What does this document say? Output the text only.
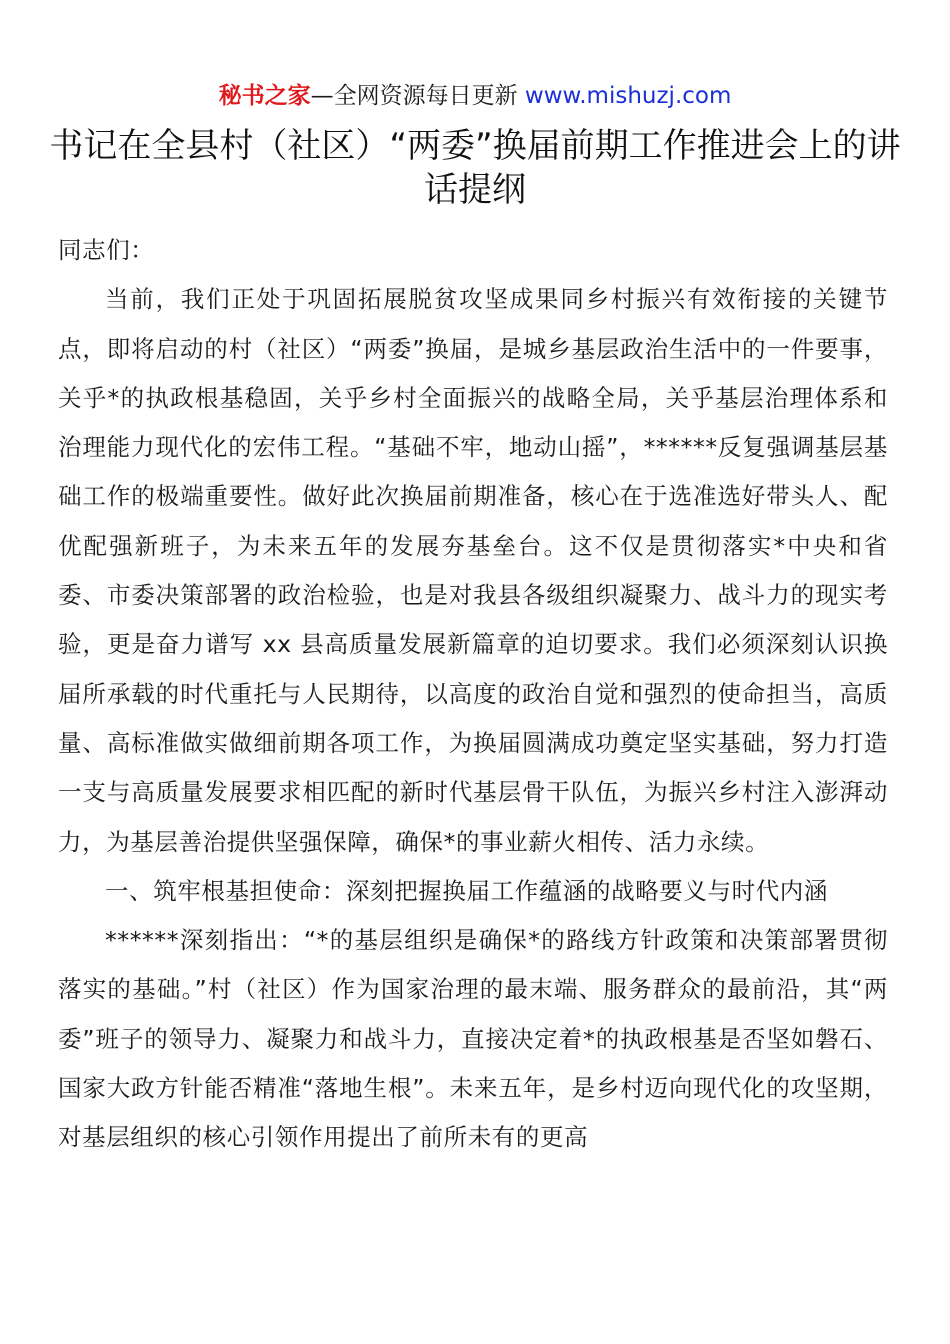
秘书之家—全网资源每日更新 www.mishuzj.com
书记在全县村（社区）“两委”换届前期工作推进会上的讲话提纲

同志们：

当前，我们正处于巩固拓展脱贫攻坚成果同乡村振兴有效衔接的关键节点，即将启动的村（社区）“两委”换届，是城乡基层政治生活中的一件要事，关乎*的执政根基稳固，关乎乡村全面振兴的战略全局，关乎基层治理体系和治理能力现代化的宏伟工程。“基础不牢，地动山摇”，******反复强调基层基础工作的极端重要性。做好此次换届前期准备，核心在于选准选好带头人、配优配强新班子，为未来五年的发展夯基垒台。这不仅是贯彻落实*中央和省委、市委决策部署的政治检验，也是对我县各级组织凝聚力、战斗力的现实考验，更是奋力谱写 xx 县高质量发展新篇章的迫切要求。我们必须深刻认识换届所承载的时代重托与人民期待，以高度的政治自觉和强烈的使命担当，高质量、高标准做实做细前期各项工作，为换届圆满成功奠定坚实基础，努力打造一支与高质量发展要求相匹配的新时代基层骨干队伍，为振兴乡村注入澎湃动力，为基层善治提供坚强保障，确保*的事业薪火相传、活力永续。

一、筑牢根基担使命：深刻把握换届工作蕴涵的战略要义与时代内涵

******深刻指出：“*的基层组织是确保*的路线方针政策和决策部署贯彻落实的基础。”村（社区）作为国家治理的最末端、服务群众的最前沿，其“两委”班子的领导力、凝聚力和战斗力，直接决定着*的执政根基是否坚如磐石、国家大政方针能否精准“落地生根”。未来五年，是乡村迈向现代化的攻坚期，对基层组织的核心引领作用提出了前所未有的更高
